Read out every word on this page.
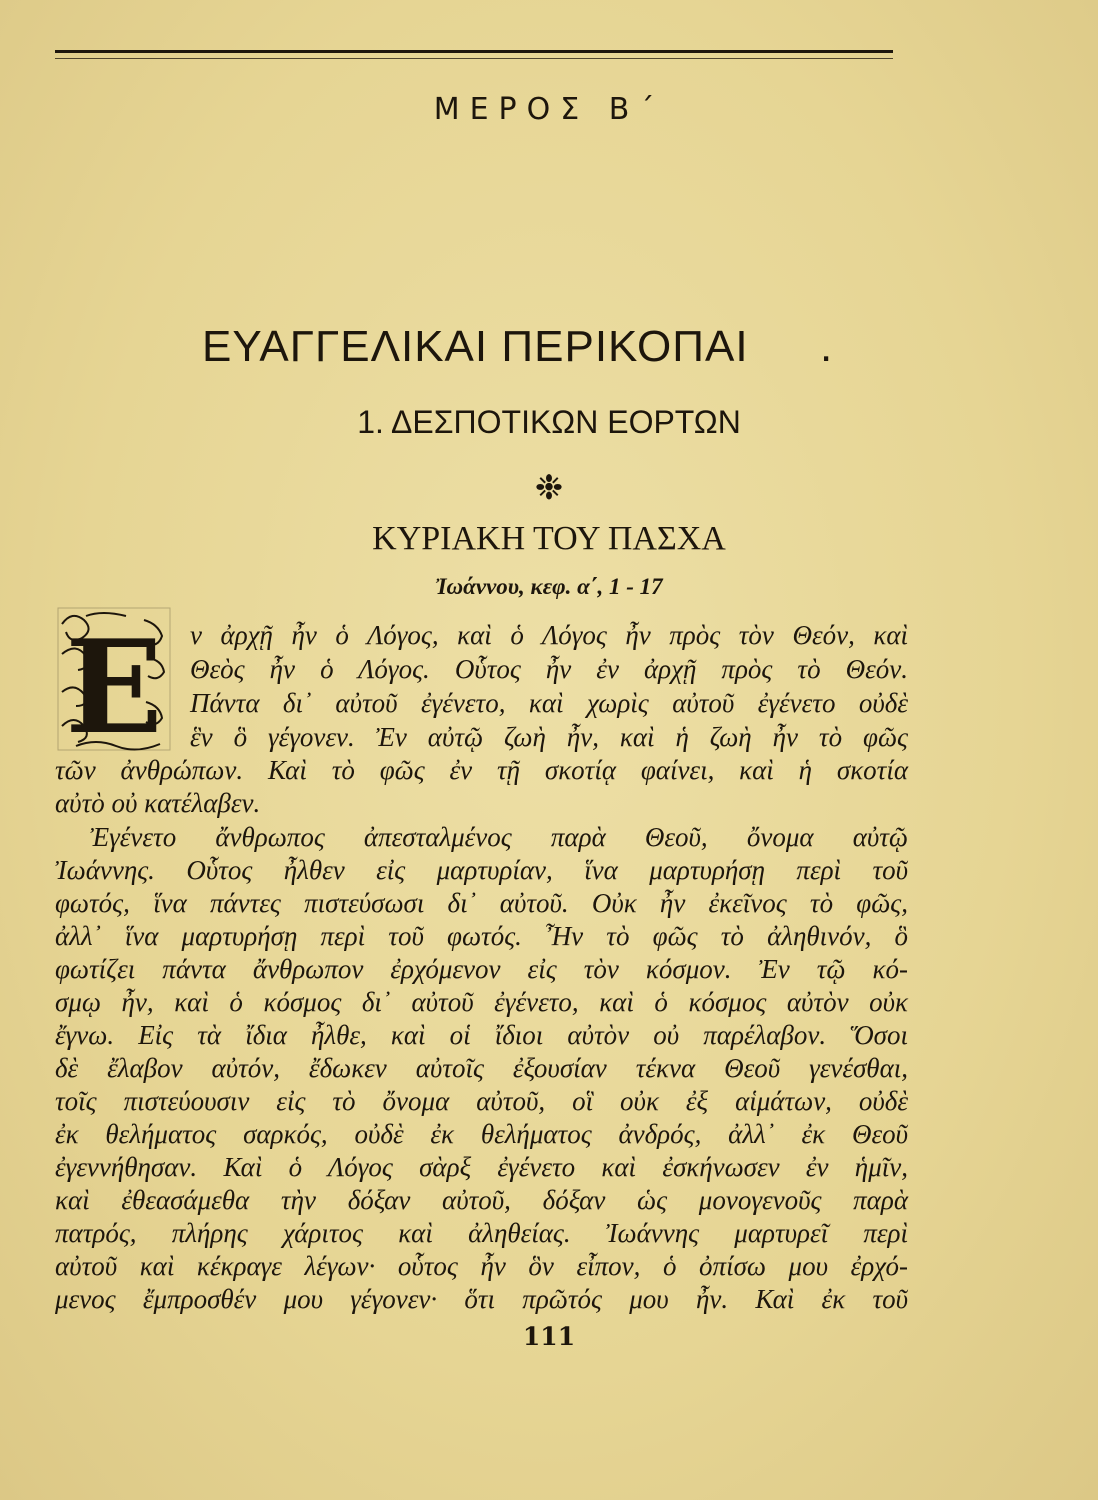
ΜΕΡΟΣ Β΄
ΕΥΑΓΓΕΛΙΚΑΙ ΠΕΡΙΚΟΠΑΙ .
1. ΔΕΣΠΟΤΙΚΩΝ ΕΟΡΤΩΝ
❉
ΚΥΡΙΑΚΗ ΤΟΥ ΠΑΣΧΑ
Ἰωάννου, κεφ. α΄, 1 - 17
Ε ν ἀρχῇ ἦν ὁ Λόγος, καὶ ὁ Λόγος ἦν πρὸς τὸν Θεόν, καὶ
Θεὸς ἦν ὁ Λόγος. Οὗτος ἦν ἐν ἀρχῇ πρὸς τὸ Θεόν.
Πάντα δι᾿ αὐτοῦ ἐγένετο, καὶ χωρὶς αὐτοῦ ἐγένετο οὐδὲ
ἓν ὃ γέγονεν. Ἐν αὐτῷ ζωὴ ἦν, καὶ ἡ ζωὴ ἦν τὸ φῶς
τῶν ἀνθρώπων. Καὶ τὸ φῶς ἐν τῇ σκοτίᾳ φαίνει, καὶ ἡ σκοτία
αὐτὸ οὐ κατέλαβεν.
Ἐγένετο ἄνθρωπος ἀπεσταλμένος παρὰ Θεοῦ, ὄνομα αὐτῷ
Ἰωάννης. Οὗτος ἦλθεν εἰς μαρτυρίαν, ἵνα μαρτυρήσῃ περὶ τοῦ
φωτός, ἵνα πάντες πιστεύσωσι δι᾿ αὐτοῦ. Οὐκ ἦν ἐκεῖνος τὸ φῶς,
ἀλλ᾿ ἵνα μαρτυρήσῃ περὶ τοῦ φωτός. Ἦν τὸ φῶς τὸ ἀληθινόν, ὃ
φωτίζει πάντα ἄνθρωπον ἐρχόμενον εἰς τὸν κόσμον. Ἐν τῷ κό-
σμῳ ἦν, καὶ ὁ κόσμος δι᾿ αὐτοῦ ἐγένετο, καὶ ὁ κόσμος αὐτὸν οὐκ
ἔγνω. Εἰς τὰ ἴδια ἦλθε, καὶ οἱ ἴδιοι αὐτὸν οὐ παρέλαβον. Ὅσοι
δὲ ἔλαβον αὐτόν, ἔδωκεν αὐτοῖς ἐξουσίαν τέκνα Θεοῦ γενέσθαι,
τοῖς πιστεύουσιν εἰς τὸ ὄνομα αὐτοῦ, οἳ οὐκ ἐξ αἱμάτων, οὐδὲ
ἐκ θελήματος σαρκός, οὐδὲ ἐκ θελήματος ἀνδρός, ἀλλ᾿ ἐκ Θεοῦ
ἐγεννήθησαν. Καὶ ὁ Λόγος σὰρξ ἐγένετο καὶ ἐσκήνωσεν ἐν ἡμῖν,
καὶ ἐθεασάμεθα τὴν δόξαν αὐτοῦ, δόξαν ὡς μονογενοῦς παρὰ
πατρός, πλήρης χάριτος καὶ ἀληθείας. Ἰωάννης μαρτυρεῖ περὶ
αὐτοῦ καὶ κέκραγε λέγων· οὗτος ἦν ὃν εἶπον, ὁ ὀπίσω μου ἐρχό-
μενος ἔμπροσθέν μου γέγονεν· ὅτι πρῶτός μου ἦν. Καὶ ἐκ τοῦ
111
